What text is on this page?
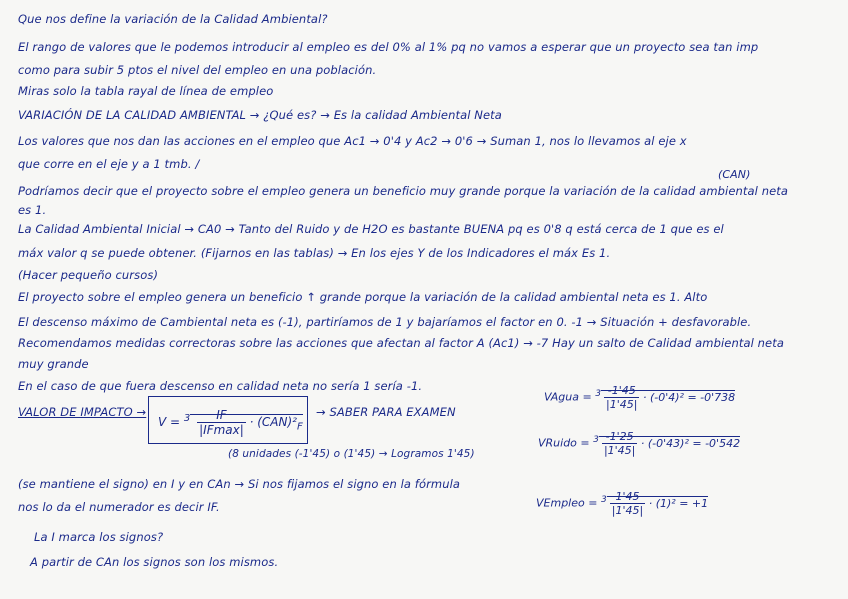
Que nos define la variación de la Calidad Ambiental?
El rango de valores que le podemos introducir al empleo es del 0% al 1% pq no vamos a esperar que un proyecto sea tan imp
como para subir 5 ptos el nivel del empleo en una población.
Miras solo la tabla rayal de línea de empleo
VARIACIÓN DE LA CALIDAD AMBIENTAL → ¿Qué es? → Es la calidad Ambiental Neta
Los valores que nos dan las acciones en el empleo que Ac1 → 0'4 y Ac2 → 0'6 → Suman 1, nos lo llevamos al eje x
que corre en el eje y a 1 tmb. /
(CAN)
Podríamos decir que el proyecto sobre el empleo genera un beneficio muy grande porque la variación de la calidad ambiental neta
es 1.
La Calidad Ambiental Inicial → CA0 → Tanto del Ruido y de H2O es bastante BUENA pq es 0'8 q está cerca de 1 que es el
máx valor q se puede obtener. (Fijarnos en las tablas) → En los ejes Y de los Indicadores el máx Es 1.
(Hacer pequeño cursos)
El proyecto sobre el empleo genera un beneficio ↑ grande porque la variación de la calidad ambiental neta es 1. Alto
El descenso máximo de Cambiental neta es (-1), partiríamos de 1 y bajaríamos el factor en 0. -1 → Situación + desfavorable.
Recomendamos medidas correctoras sobre las acciones que afectan al factor A (Ac1) → -7 Hay un salto de Calidad ambiental neta
muy grande
En el caso de que fuera descenso en calidad neta no sería 1 sería -1.
VALOR DE IMPACTO →
$V = ^3 \frac{IF}{|IFmax|} \cdot (CAN)^2_F$
→ SABER PARA EXAMEN
(8 unidades (-1'45) o (1'45) → Logramos 1'45)
VAgua = $^3 \frac{-1'45}{|1'45|} \cdot (-0'4)^2 = -0'738$
VRuido = $^3 \frac{-1'25}{|1'45|} \cdot (-0'43)^2 = -0'542$
VEmpleo = $^3 \frac{1'45}{|1'45|} \cdot (1)^2 = +1$
(se mantiene el signo) en I y en CAn → Si nos fijamos el signo en la fórmula
nos lo da el numerador es decir IF.
La I marca los signos?
A partir de CAn los signos son los mismos.
